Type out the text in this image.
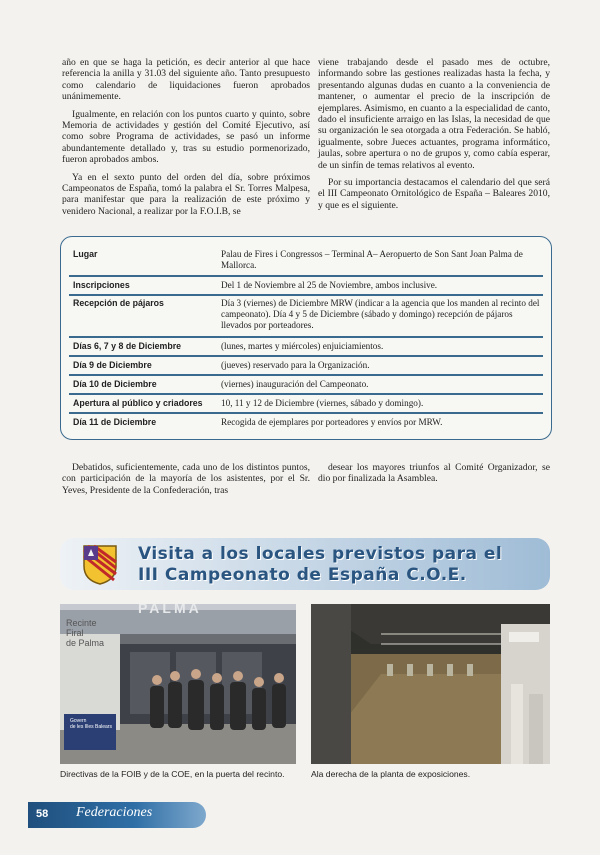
año en que se haga la petición, es decir anterior al que hace referencia la anilla y 31.03 del siguiente año. Tanto presupuesto como calendario de liquidaciones fueron aprobados unánimemente.

Igualmente, en relación con los puntos cuarto y quinto, sobre Memoria de actividades y gestión del Comité Ejecutivo, así como sobre Programa de actividades, se pasó un informe abundantemente detallado y, tras su estudio pormenorizado, fueron aprobados ambos.

Ya en el sexto punto del orden del día, sobre próximos Campeonatos de España, tomó la palabra el Sr. Torres Malpesa, para manifestar que para la realización de este próximo y venidero Nacional, a realizar por la F.O.I.B, se

viene trabajando desde el pasado mes de octubre, informando sobre las gestiones realizadas hasta la fecha, y presentando algunas dudas en cuanto a la conveniencia de mantener, o aumentar el precio de la inscripción de ejemplares. Asimismo, en cuanto a la especialidad de canto, dado el insuficiente arraigo en las Islas, la necesidad de que su organización le sea otorgada a otra Federación. Se habló, igualmente, sobre Jueces actuantes, programa informático, jaulas, sobre apertura o no de grupos y, como cabía esperar, de un sinfín de temas relativos al evento.

Por su importancia destacamos el calendario del que será el III Campeonato Ornitológico de España – Baleares 2010, y que es el siguiente.

Lugar	Palau de Fires i Congressos – Terminal A– Aeropuerto de Son Sant Joan Palma de Mallorca.
Inscripciones	Del 1 de Noviembre al 25 de Noviembre, ambos inclusive.
Recepción de pájaros	Día 3 (viernes) de Diciembre MRW (indicar a la agencia que los manden al recinto del campeonato). Día 4 y 5 de Diciembre (sábado y domingo) recepción de pájaros llevados por porteadores.
Días 6, 7 y 8 de Diciembre	(lunes, martes y miércoles) enjuiciamientos.
Día 9 de Diciembre	(jueves) reservado para la Organización.
Día 10 de Diciembre	(viernes) inauguración del Campeonato.
Apertura al público y criadores 10, 11 y 12 de Diciembre (viernes, sábado y domingo).
Día 11 de Diciembre	Recogida de ejemplares por porteadores y envíos por MRW.

Debatidos, suficientemente, cada uno de los distintos puntos, con participación de la mayoría de los asistentes, por el Sr. Yeves, Presidente de la Confederación, tras

desear los mayores triunfos al Comité Organizador, se dio por finalizada la Asamblea.

Visita a los locales previstos para el
III Campeonato de España C.O.E.
PALMA
Recinte
Firal
de Palma
Govern
de les Illes Balears
Directivas de la FOIB y de la COE, en la puerta del recinto.	Ala derecha de la planta de exposiciones.
58 Federaciones
